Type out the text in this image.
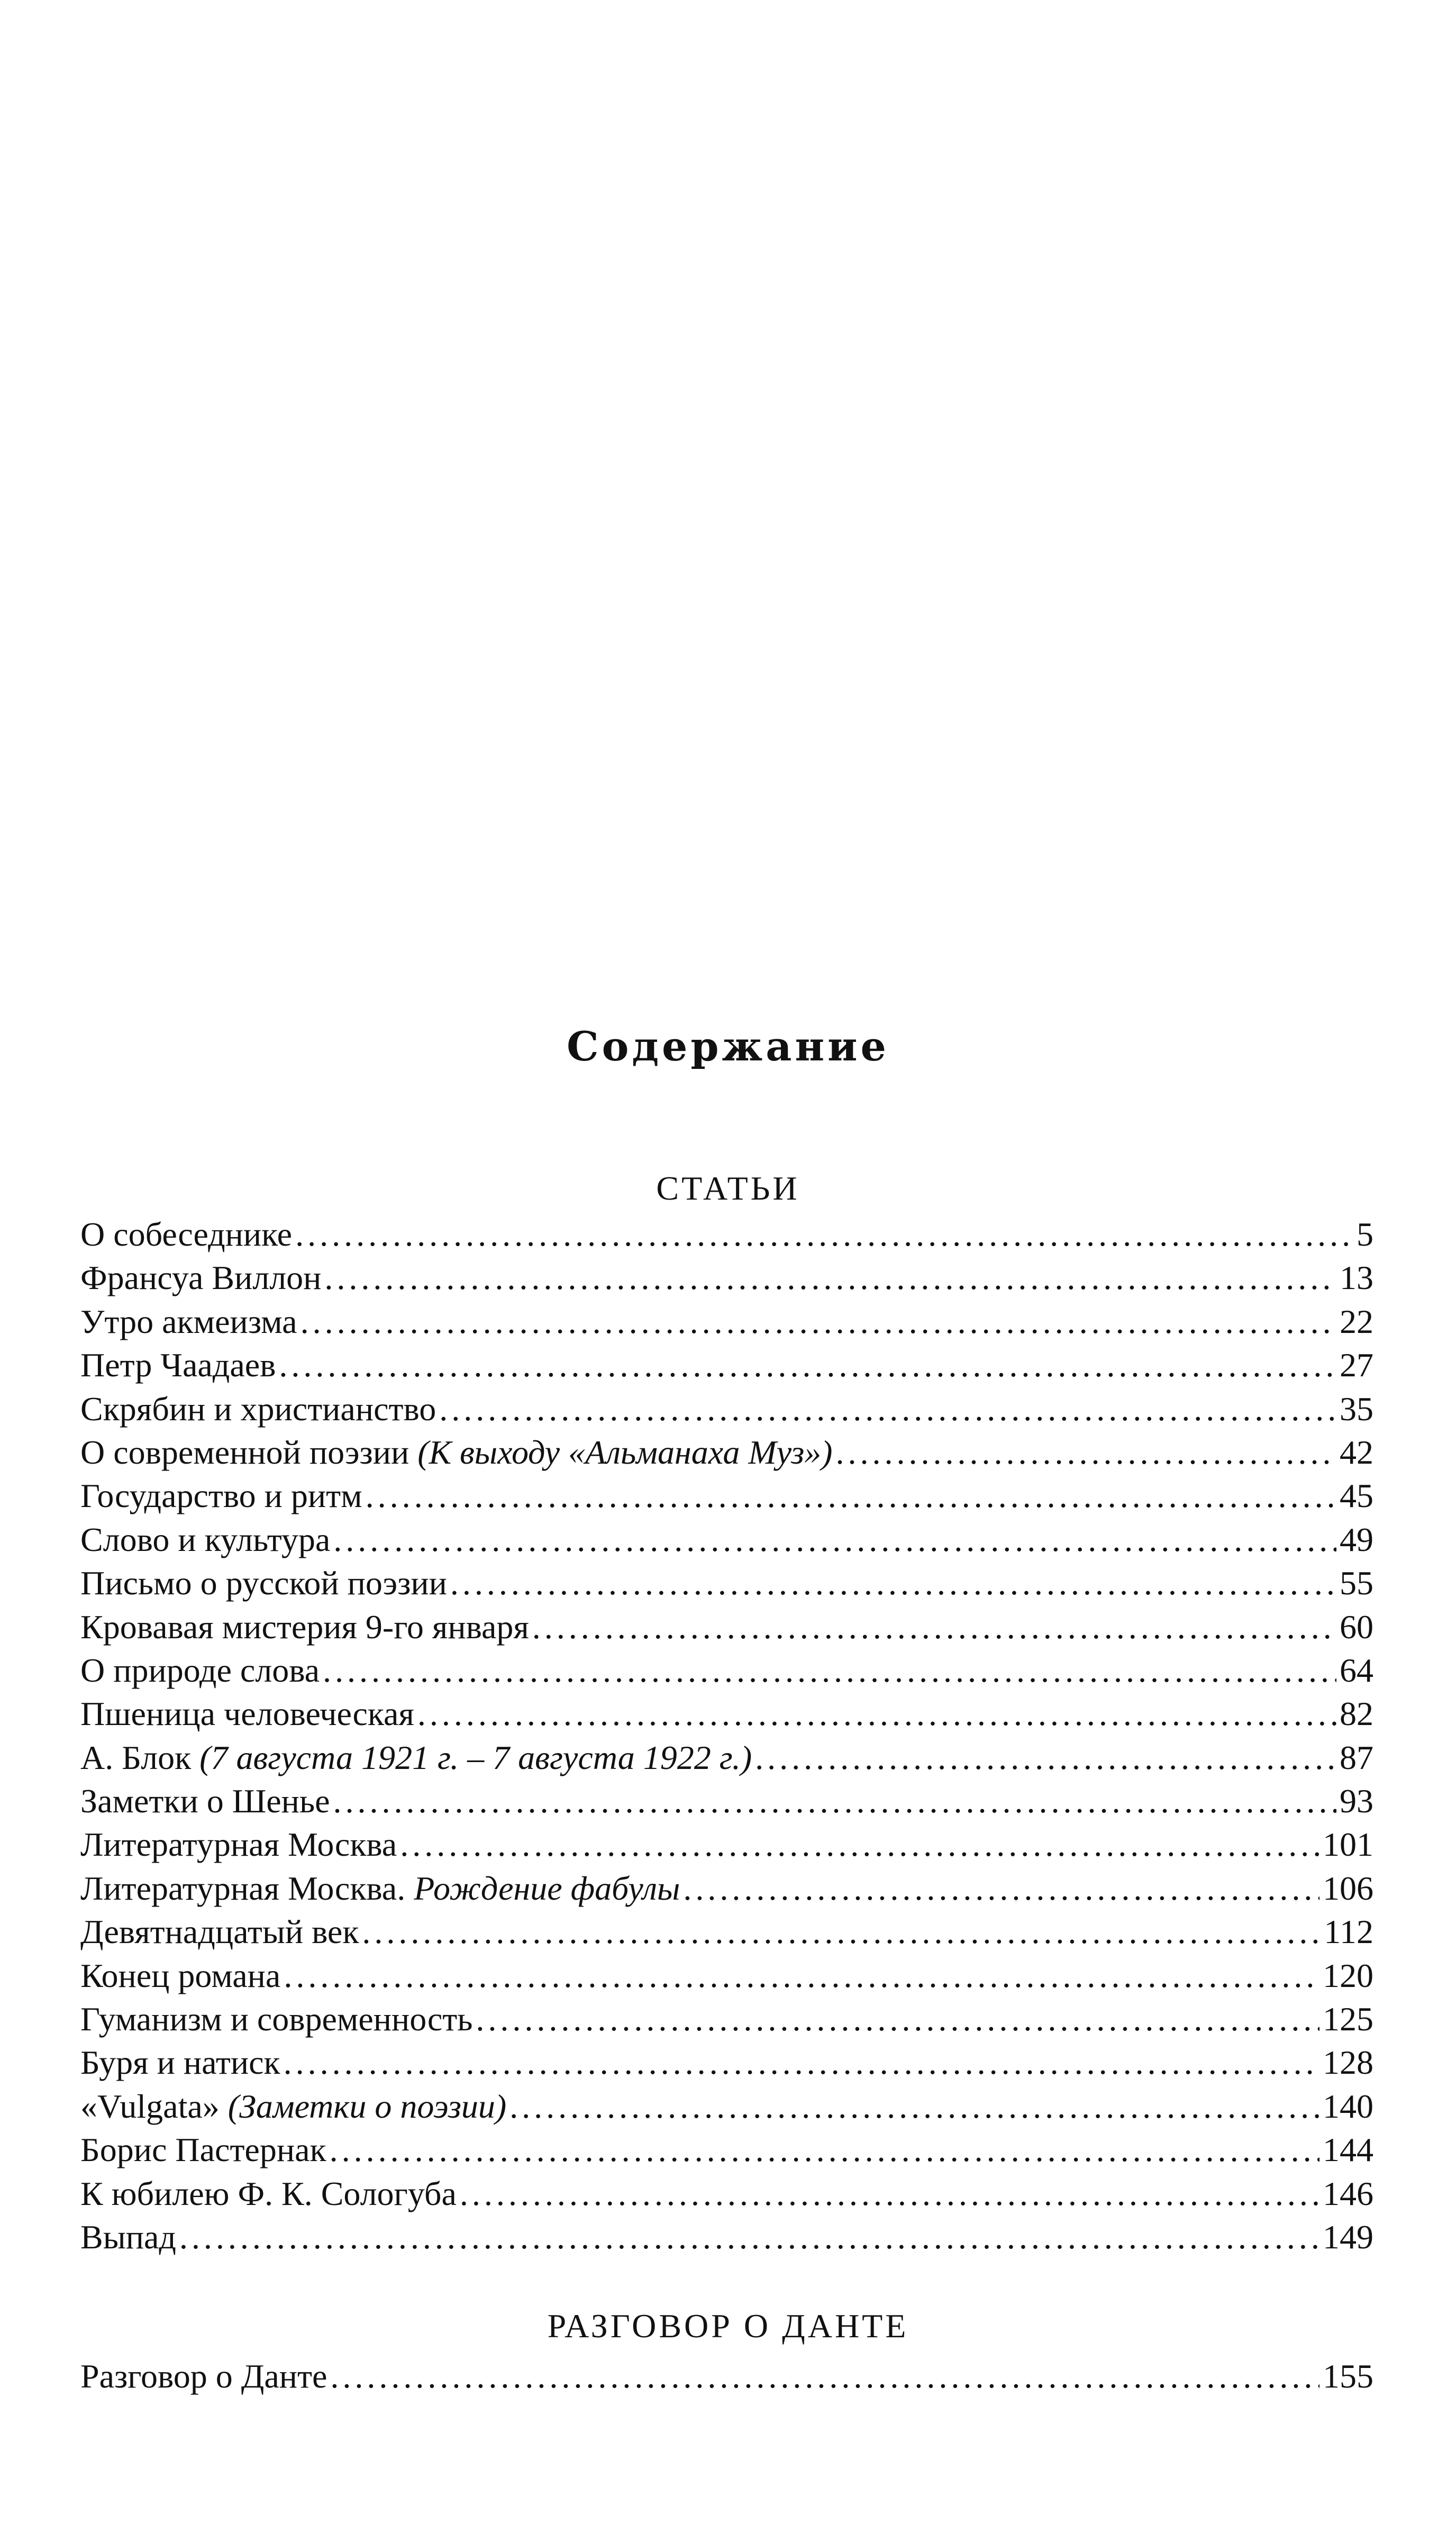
Содержание
СТАТЬИ
О собеседнике .....	5
Франсуа Виллон .....	13
Утро акмеизма .....	22
Петр Чаадаев .....	27
Скрябин и христианство .....	35
О современной поэзии (К выходу «Альманаха Муз») .....	42
Государство и ритм .....	45
Слово и культура .....	49
Письмо о русской поэзии .....	55
Кровавая мистерия 9-го января .....	60
О природе слова .....	64
Пшеница человеческая .....	82
А. Блок (7 августа 1921 г. – 7 августа 1922 г.) .....	87
Заметки о Шенье .....	93
Литературная Москва .....	101
Литературная Москва. Рождение фабулы .....	106
Девятнадцатый век .....	112
Конец романа .....	120
Гуманизм и современность .....	125
Буря и натиск .....	128
«Vulgata» (Заметки о поэзии) .....	140
Борис Пастернак .....	144
К юбилею Ф. К. Сологуба .....	146
Выпад .....	149
РАЗГОВОР О ДАНТЕ
Разговор о Данте .....	155
